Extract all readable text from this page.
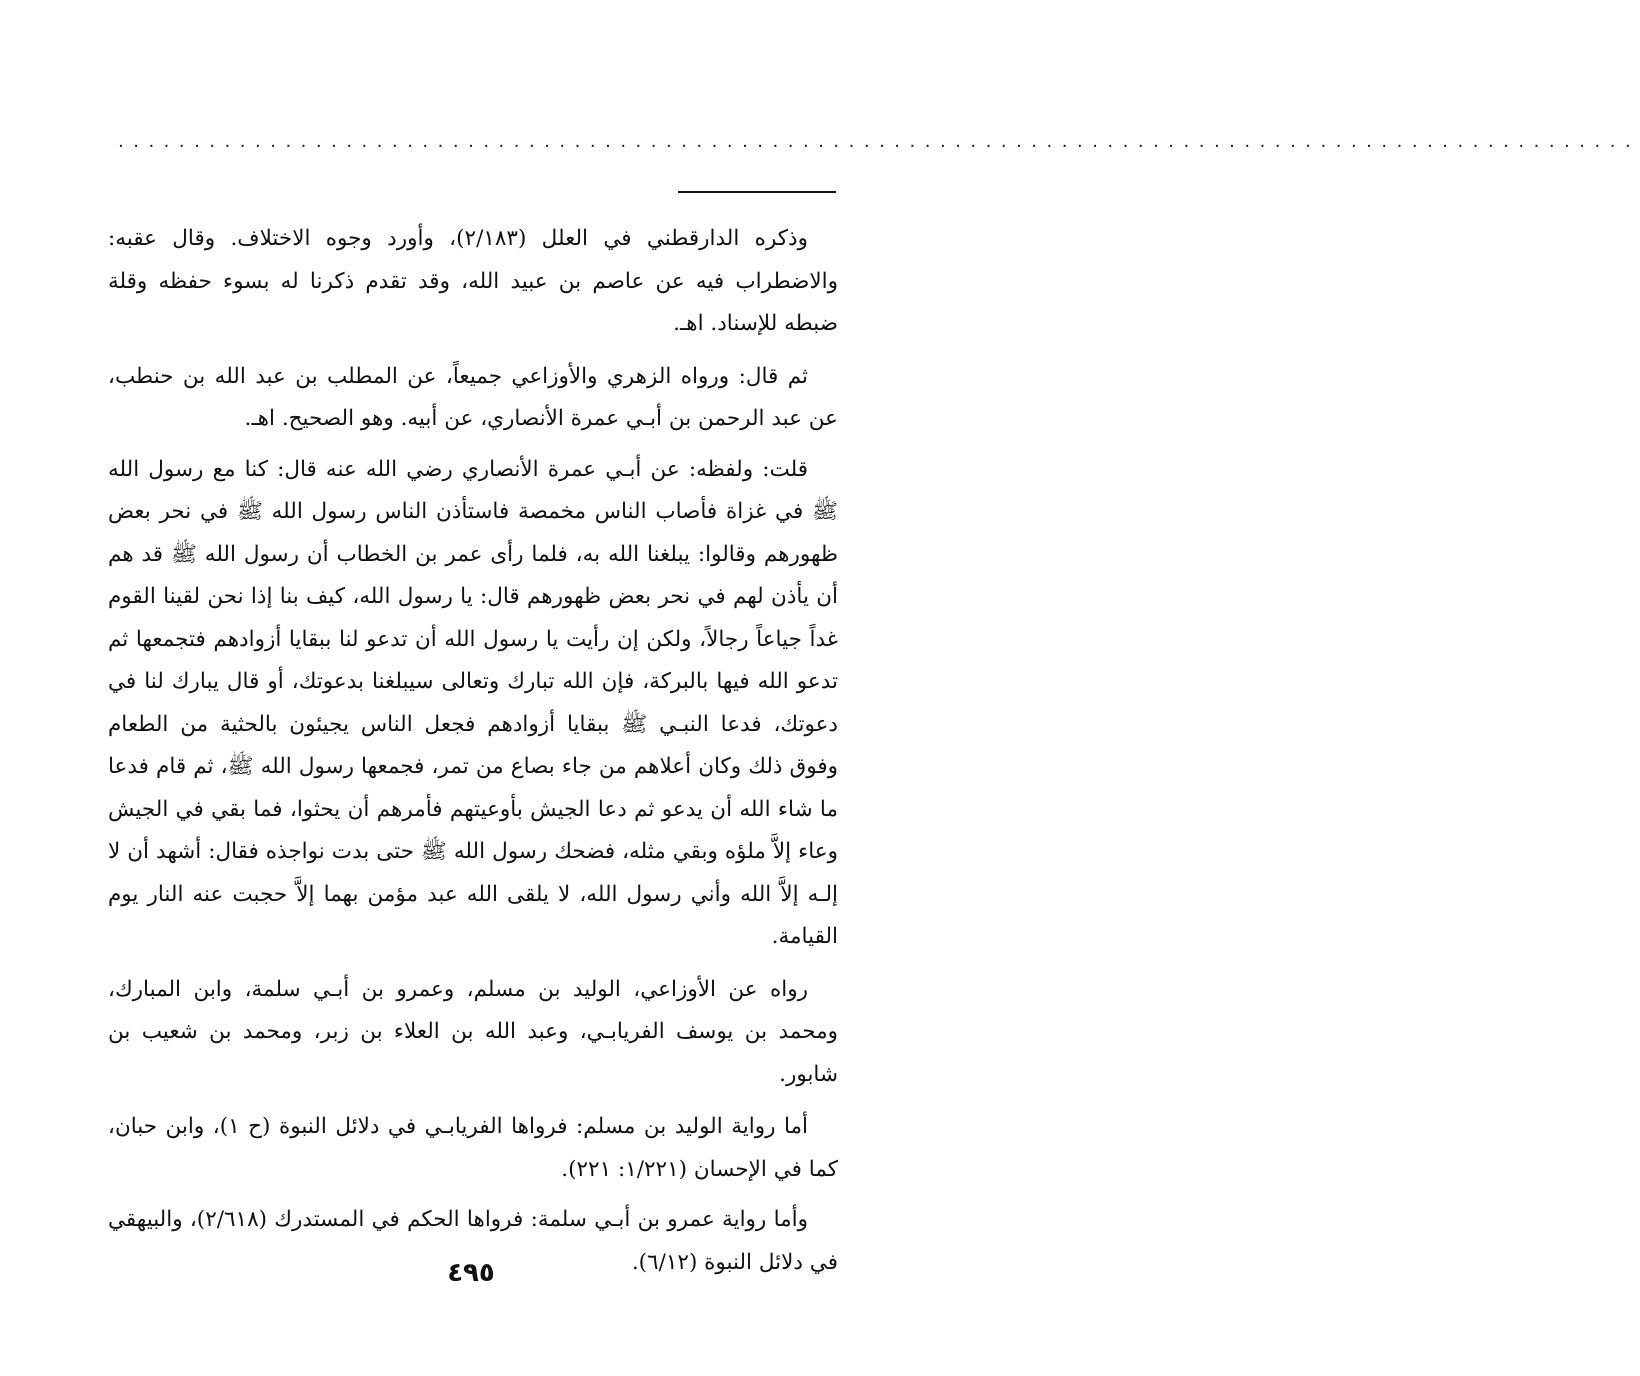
....................................................................................................

وذكره الدارقطني في العلل (٢/١٨٣)، وأورد وجوه الاختلاف. وقال عقبه: والاضطراب فيه عن عاصم بن عبيد الله، وقد تقدم ذكرنا له بسوء حفظه وقلة ضبطه للإسناد. اهـ.

ثم قال: ورواه الزهري والأوزاعي جميعاً، عن المطلب بن عبد الله بن حنطب، عن عبد الرحمن بن أبـي عمرة الأنصاري، عن أبيه. وهو الصحيح. اهـ.

قلت: ولفظه: عن أبـي عمرة الأنصاري رضي الله عنه قال: كنا مع رسول الله ﷺ في غزاة فأصاب الناس مخمصة فاستأذن الناس رسول الله ﷺ في نحر بعض ظهورهم وقالوا: يبلغنا الله به، فلما رأى عمر بن الخطاب أن رسول الله ﷺ قد هم أن يأذن لهم في نحر بعض ظهورهم قال: يا رسول الله، كيف بنا إذا نحن لقينا القوم غداً جياعاً رجالاً، ولكن إن رأيت يا رسول الله أن تدعو لنا ببقايا أزوادهم فتجمعها ثم تدعو الله فيها بالبركة، فإن الله تبارك وتعالى سيبلغنا بدعوتك، أو قال يبارك لنا في دعوتك، فدعا النبـي ﷺ ببقايا أزوادهم فجعل الناس يجيئون بالحثية من الطعام وفوق ذلك وكان أعلاهم من جاء بصاع من تمر، فجمعها رسول الله ﷺ، ثم قام فدعا ما شاء الله أن يدعو ثم دعا الجيش بأوعيتهم فأمرهم أن يحثوا، فما بقي في الجيش وعاء إلاَّ ملؤه وبقي مثله، فضحك رسول الله ﷺ حتى بدت نواجذه فقال: أشهد أن لا إلـه إلاَّ الله وأني رسول الله، لا يلقى الله عبد مؤمن بهما إلاَّ حجبت عنه النار يوم القيامة.

رواه عن الأوزاعي، الوليد بن مسلم، وعمرو بن أبـي سلمة، وابن المبارك، ومحمد بن يوسف الفريابـي، وعبد الله بن العلاء بن زبر، ومحمد بن شعيب بن شابور.

أما رواية الوليد بن مسلم: فرواها الفريابـي في دلائل النبوة (ح ١)، وابن حبان، كما في الإحسان (١/٢٢١: ٢٢١).

وأما رواية عمرو بن أبـي سلمة: فرواها الحكم في المستدرك (٢/٦١٨)، والبيهقي في دلائل النبوة (٦/١٢).

٤٩٥
